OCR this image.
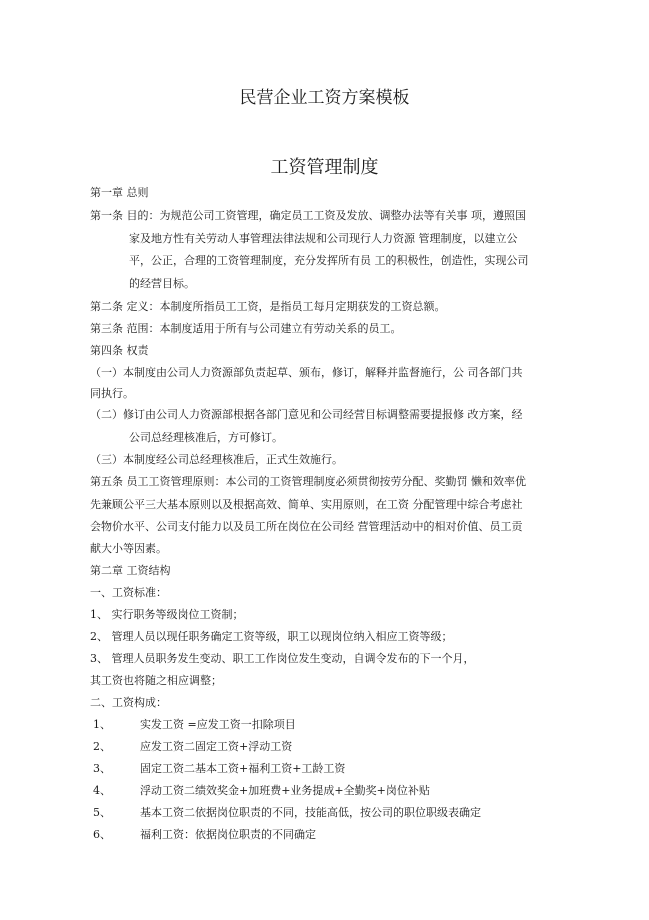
民营企业工资方案模板
工资管理制度
第一章 总则
第一条 目的：为规范公司工资管理，确定员工工资及发放、调整办法等有关事 项，遵照国
家及地方性有关劳动人事管理法律法规和公司现行人力资源 管理制度，以建立公
平，公正，合理的工资管理制度，充分发挥所有员 工的积极性，创造性，实现公司
的经营目标。
第二条 定义：本制度所指员工工资，是指员工每月定期获发的工资总额。
第三条 范围：本制度适用于所有与公司建立有劳动关系的员工。
第四条 权责
（一）本制度由公司人力资源部负责起草、颁布，修订，解释并监督施行，公 司各部门共
同执行。
（二）修订由公司人力资源部根据各部门意见和公司经营目标调整需要提报修 改方案，经
公司总经理核准后，方可修订。
（三）本制度经公司总经理核准后，正式生效施行。
第五条 员工工资管理原则：本公司的工资管理制度必须贯彻按劳分配、奖勤罚 懒和效率优
先兼顾公平三大基本原则以及根据高效、简单、实用原则，在工资 分配管理中综合考虑社
会物价水平、公司支付能力以及员工所在岗位在公司经 营管理活动中的相对价值、员工贡
献大小等因素。
第二章 工资结构
一、工资标准：
1、 实行职务等级岗位工资制；
2、 管理人员以现任职务确定工资等级，职工以现岗位纳入相应工资等级；
3、 管理人员职务发生变动、职工工作岗位发生变动，自调令发布的下一个月，
其工资也将随之相应调整；
二、工资构成：
1、	实发工资 =应发工资一扣除项目
2、	应发工资二固定工资+浮动工资
3、	固定工资二基本工资+福利工资+工龄工资
4、	浮动工资二绩效奖金+加班费+业务提成+全勤奖+岗位补贴
5、	基本工资二依据岗位职责的不同，技能高低，按公司的职位职级表确定
6、	福利工资：依据岗位职责的不同确定
